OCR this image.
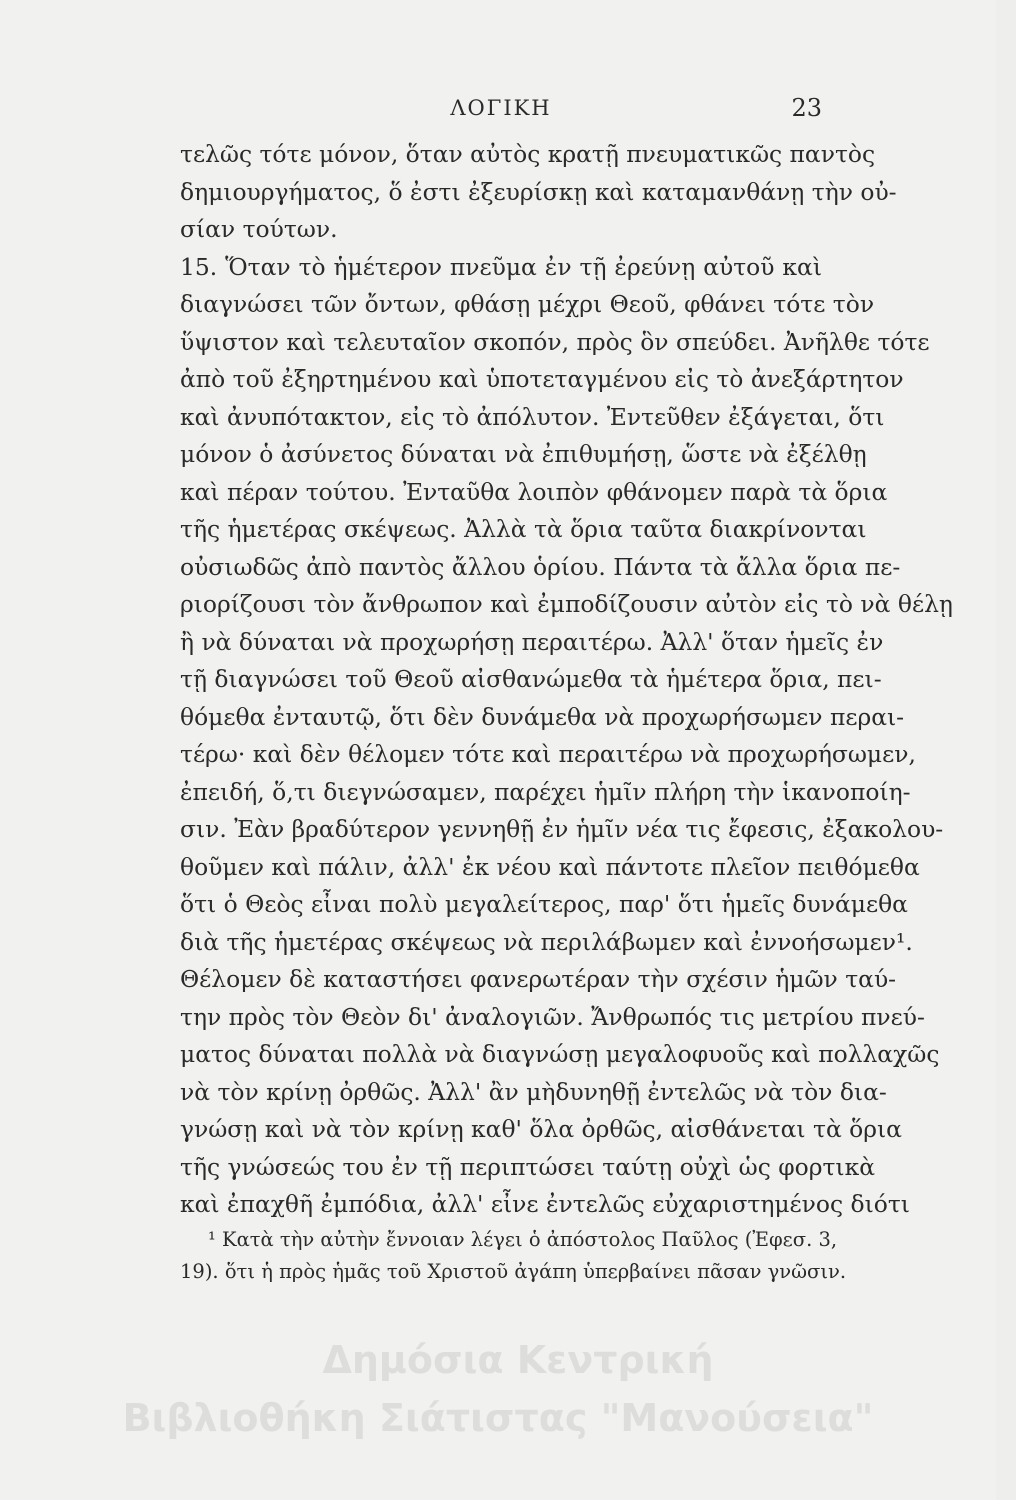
ΛΟΓΙΚΗ	23
τελῶς τότε μόνον, ὅταν αὐτὸς κρατῇ πνευματικῶς παντὸς
δημιουργήματος, ὅ ἐστι ἐξευρίσκῃ καὶ καταμανθάνῃ τὴν οὐ-
σίαν τούτων.
15. Ὅταν τὸ ἡμέτερον πνεῦμα ἐν τῇ ἐρεύνῃ αὐτοῦ καὶ
διαγνώσει τῶν ὄντων, φθάσῃ μέχρι Θεοῦ, φθάνει τότε τὸν
ὕψιστον καὶ τελευταῖον σκοπόν, πρὸς ὃν σπεύδει. Ἀνῆλθε τότε
ἀπὸ τοῦ ἐξηρτημένου καὶ ὑποτεταγμένου εἰς τὸ ἀνεξάρτητον
καὶ ἀνυπότακτον, εἰς τὸ ἀπόλυτον. Ἐντεῦθεν ἐξάγεται, ὅτι
μόνον ὁ ἀσύνετος δύναται νὰ ἐπιθυμήσῃ, ὥστε νὰ ἐξέλθῃ
καὶ πέραν τούτου. Ἐνταῦθα λοιπὸν φθάνομεν παρὰ τὰ ὅρια
τῆς ἡμετέρας σκέψεως. Ἀλλὰ τὰ ὅρια ταῦτα διακρίνονται
οὐσιωδῶς ἀπὸ παντὸς ἄλλου ὁρίου. Πάντα τὰ ἄλλα ὅρια πε-
ριορίζουσι τὸν ἄνθρωπον καὶ ἐμποδίζουσιν αὐτὸν εἰς τὸ νὰ θέλῃ
ἢ νὰ δύναται νὰ προχωρήσῃ περαιτέρω. Ἀλλ' ὅταν ἡμεῖς ἐν
τῇ διαγνώσει τοῦ Θεοῦ αἰσθανώμεθα τὰ ἡμέτερα ὅρια, πει-
θόμεθα ἐνταυτῷ, ὅτι δὲν δυνάμεθα νὰ προχωρήσωμεν περαι-
τέρω· καὶ δὲν θέλομεν τότε καὶ περαιτέρω νὰ προχωρήσωμεν,
ἐπειδή, ὅ,τι διεγνώσαμεν, παρέχει ἡμῖν πλήρη τὴν ἱκανοποίη-
σιν. Ἐὰν βραδύτερον γεννηθῇ ἐν ἡμῖν νέα τις ἔφεσις, ἐξακολου-
θοῦμεν καὶ πάλιν, ἀλλ' ἐκ νέου καὶ πάντοτε πλεῖον πειθόμεθα
ὅτι ὁ Θεὸς εἶναι πολὺ μεγαλείτερος, παρ' ὅτι ἡμεῖς δυνάμεθα
διὰ τῆς ἡμετέρας σκέψεως νὰ περιλάβωμεν καὶ ἐννοήσωμεν¹.
Θέλομεν δὲ καταστήσει φανερωτέραν τὴν σχέσιν ἡμῶν ταύ-
την πρὸς τὸν Θεὸν δι' ἀναλογιῶν. Ἄνθρωπός τις μετρίου πνεύ-
ματος δύναται πολλὰ νὰ διαγνώσῃ μεγαλοφυοῦς καὶ πολλαχῶς
νὰ τὸν κρίνῃ ὀρθῶς. Ἀλλ' ἂν μὴδυνηθῇ ἐντελῶς νὰ τὸν δια-
γνώσῃ καὶ νὰ τὸν κρίνῃ καθ' ὅλα ὀρθῶς, αἰσθάνεται τὰ ὅρια
τῆς γνώσεώς του ἐν τῇ περιπτώσει ταύτῃ οὐχὶ ὡς φορτικὰ
καὶ ἐπαχθῆ ἐμπόδια, ἀλλ' εἶνε ἐντελῶς εὐχαριστημένος διότι
¹ Κατὰ τὴν αὐτὴν ἔννοιαν λέγει ὁ ἀπόστολος Παῦλος (Ἐφεσ. 3,
19). ὅτι ἡ πρὸς ἡμᾶς τοῦ Χριστοῦ ἀγάπη ὑπερβαίνει πᾶσαν γνῶσιν.
Δημόσια Κεντρική
Βιβλιοθήκη Σιάτιστας "Μανούσεια"
